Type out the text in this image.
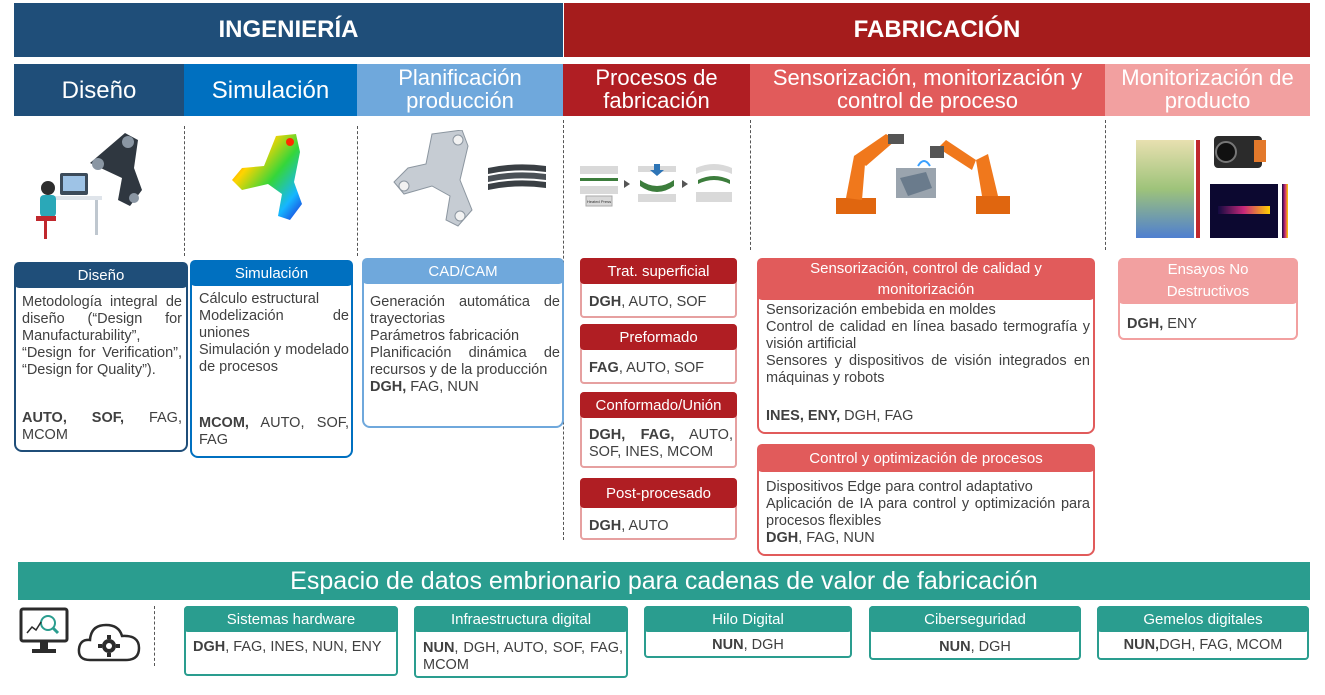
INGENIERÍA	FABRICACIÓN
Diseño	Simulación	Planificación
producción
Procesos de
fabricación
Sensorización, monitorización y
control de proceso
Monitorización de
producto
Heated Press
Diseño
Metodología integral de diseño (“Design for Manufacturability”, “Design for Verification”, “Design for Quality”).
AUTO, SOF, FAG, MCOM
Simulación
Cálculo estructural
Modelización de uniones
Simulación y modelado de procesos
MCOM, AUTO, SOF, FAG
CAD/CAM
Generación automática de trayectorias
Parámetros fabricación
Planificación dinámica de recursos y de la producción
DGH, FAG, NUN
Trat. superficial
DGH, AUTO, SOF
Preformado
FAG, AUTO, SOF
Conformado/Unión
DGH, FAG, AUTO, SOF, INES, MCOM
Post-procesado
DGH, AUTO
Sensorización, control de calidad y
monitorización
Sensorización embebida en moldes
Control de calidad en línea basado termografía y visión artificial
Sensores y dispositivos de visión integrados en máquinas y robots
INES, ENY, DGH, FAG
Control y optimización de procesos
Dispositivos Edge para control adaptativo
Aplicación de IA para control y optimización para procesos flexibles
DGH, FAG, NUN
Ensayos No
Destructivos
DGH, ENY
Espacio de datos embrionario para cadenas de valor de fabricación
Sistemas hardware
DGH, FAG, INES, NUN, ENY
Infraestructura digital
NUN, DGH, AUTO, SOF, FAG, MCOM
Hilo Digital
NUN , DGH
Ciberseguridad
NUN , DGH
Gemelos digitales
NUN, DGH, FAG, MCOM
